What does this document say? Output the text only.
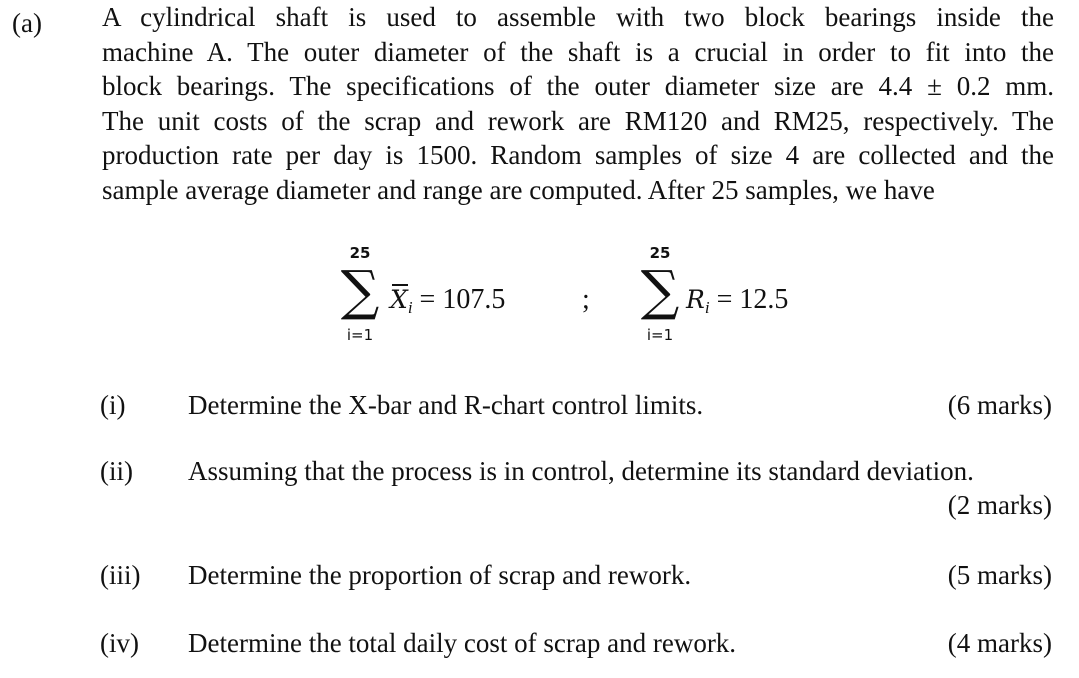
(a) A cylindrical shaft is used to assemble with two block bearings inside the
machine A. The outer diameter of the shaft is a crucial in order to fit into the
block bearings. The specifications of the outer diameter size are 4.4 ± 0.2 mm.
The unit costs of the scrap and rework are RM120 and RM25, respectively. The
production rate per day is 1500. Random samples of size 4 are collected and the
sample average diameter and range are computed. After 25 samples, we have
25
∑
i=1
$X_i = 107.5$	;
25
∑
i=1
$R_i = 12.5$
(i) Determine the X-bar and R-chart control limits.	(6 marks)
(ii) Assuming that the process is in control, determine its standard deviation.
(2 marks)
(iii) Determine the proportion of scrap and rework.	(5 marks)
(iv) Determine the total daily cost of scrap and rework.	(4 marks)
